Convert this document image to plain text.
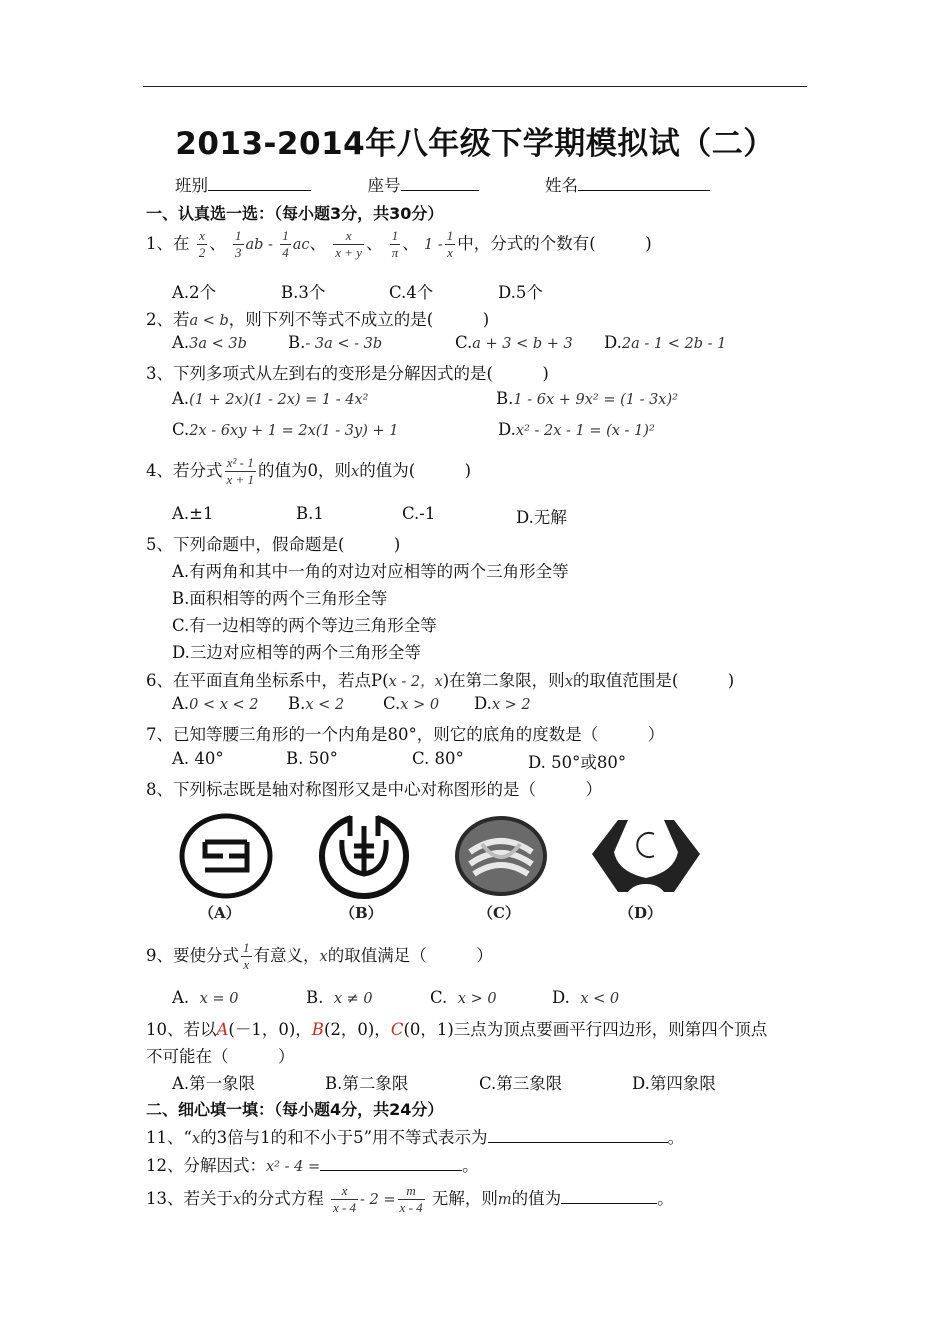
2013-2014年八年级下学期模拟试（二）
班别	座号	姓名
一、认真选一选：（每小题3分，共30分）
1、在 $\frac{x}{2}$ 、 $\frac{1}{3}$ ab - $\frac{1}{4}$ ac、 $\frac{x}{x + y}$ 、 $\frac{1}{\pi}$ 、 $1 - \frac{1}{x}$ 中，分式的个数有(　　　)
A.2个	B.3个	C.4个	D.5个
2、若a < b，则下列不等式不成立的是(　　　)
A.3a < 3b B.- 3a < - 3b	C.a + 3 < b + 3 D.2a - 1 < 2b - 1
3、下列多项式从左到右的变形是分解因式的是(　　　)
A.(1 + 2x)(1 - 2x) = 1 - 4x²	B.1 - 6x + 9x² = (1 - 3x)²
C.2x - 6xy + 1 = 2x(1 - 3y) + 1	D.x² - 2x - 1 = (x - 1)²
4、若分式 $\frac{\text{x² - 1}}{x + 1}$ 的值为0，则x的值为(　　　)
A.±1	B.1	C.-1	D.无解
5、下列命题中，假命题是(　　　)
A.有两角和其中一角的对边对应相等的两个三角形全等
B.面积相等的两个三角形全等
C.有一边相等的两个等边三角形全等
D.三边对应相等的两个三角形全等
6、在平面直角坐标系中，若点P(x - 2，x)在第二象限，则x的取值范围是(　　　)
A.0 < x < 2 B.x < 2 C.x > 0 D.x > 2
7、已知等腰三角形的一个内角是80°，则它的底角的度数是（　　　）
A. 40°	B. 50°	C. 80°	D. 50°或80°
8、下列标志既是轴对称图形又是中心对称图形的是（　　　）
（A）	（B）	（C）	（D）
9、要使分式 $\frac{1}{x}$ 有意义，x的取值满足（　　　）
A. x = 0	B. x ≠ 0	C. x > 0	D. x < 0
10、若以A(－1，0)，B(2，0)，C(0，1)三点为顶点要画平行四边形，则第四个顶点
不可能在（　　　）
A.第一象限	B.第二象限	C.第三象限	D.第四象限
二、细心填一填：（每小题4分，共24分）
11、“x的3倍与1的和不小于5”用不等式表示为	。
12、分解因式：x² - 4 =	。
13、若关于x的分式方程 $\frac{x}{x - 4} - 2 = \frac{m}{x - 4}$ 无解，则m的值为	。
